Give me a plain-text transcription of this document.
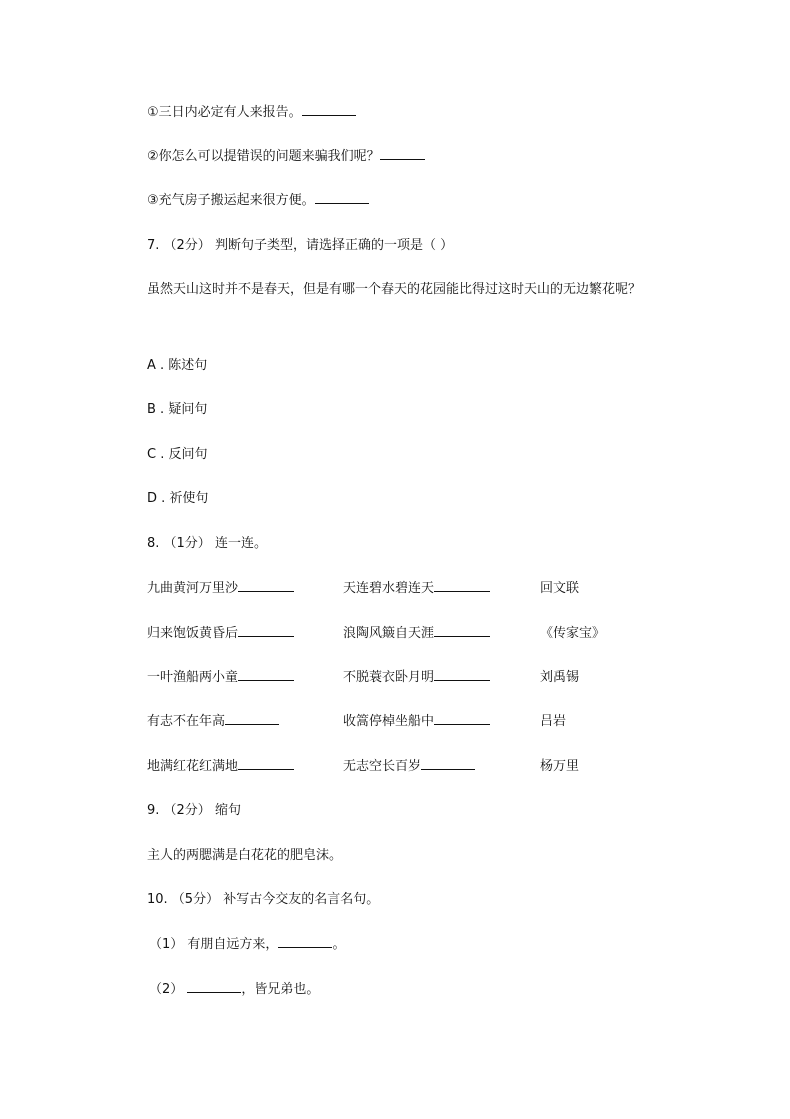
①三日内必定有人来报告。
②你怎么可以提错误的问题来骗我们呢？
③充气房子搬运起来很方便。
7. （2分） 判断句子类型，请选择正确的一项是（ ）
虽然天山这时并不是春天，但是有哪一个春天的花园能比得过这时天山的无边繁花呢？
A . 陈述句
B . 疑问句
C . 反问句
D . 祈使句
8. （1分） 连一连。
九曲黄河万里沙	天连碧水碧连天	回文联
归来饱饭黄昏后	浪陶风簸自天涯	《传家宝》
一叶渔船两小童	不脱蓑衣卧月明	刘禹锡
有志不在年高	收篙停棹坐船中	吕岩
地满红花红满地	无志空长百岁	杨万里
9. （2分） 缩句
主人的两腮满是白花花的肥皂沫。
10. （5分） 补写古今交友的名言名句。
（1） 有朋自远方来，	。
（2）	，皆兄弟也。
